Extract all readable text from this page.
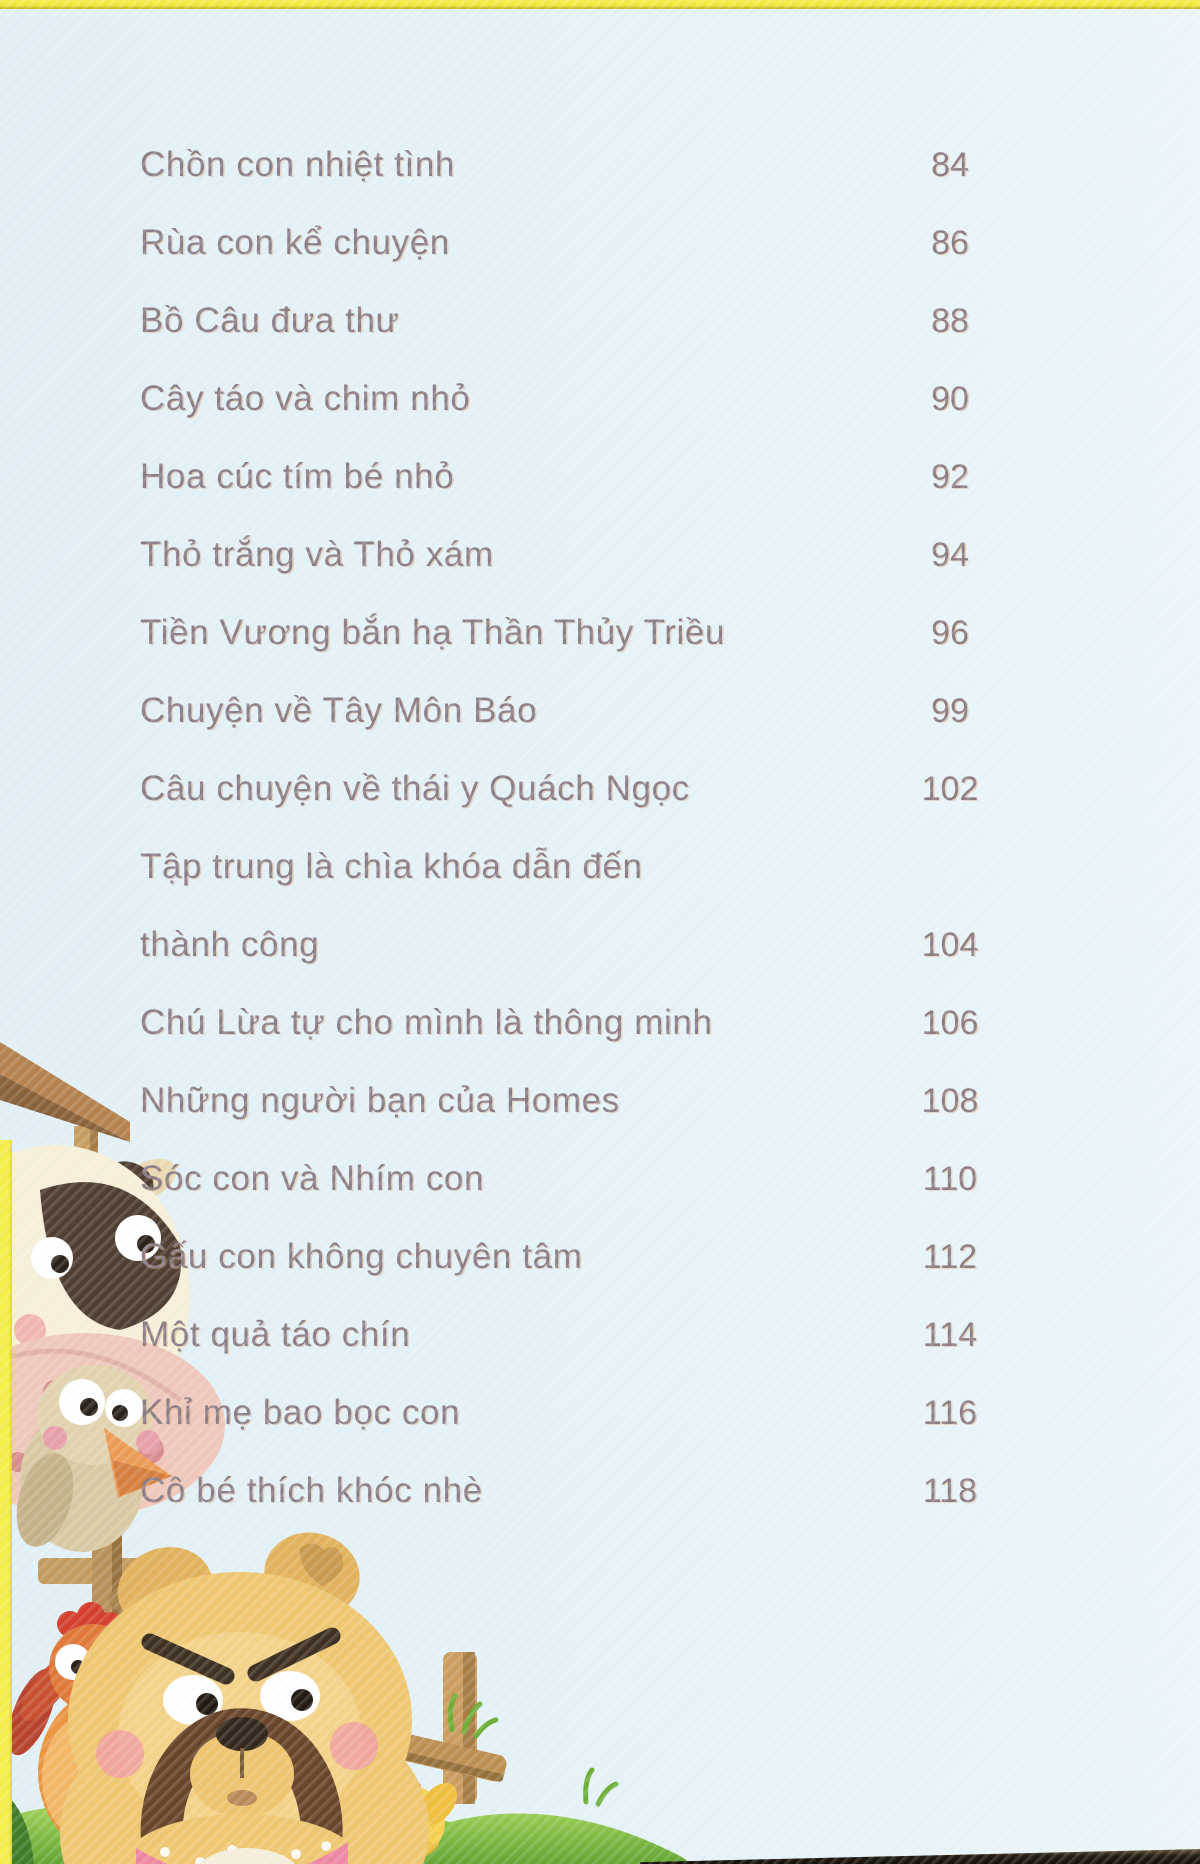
Chồn con nhiệt tình	84
Rùa con kể chuyện	86
Bồ Câu đưa thư	88
Cây táo và chim nhỏ	90
Hoa cúc tím bé nhỏ	92
Thỏ trắng và Thỏ xám	94
Tiền Vương bắn hạ Thần Thủy Triều	96
Chuyện về Tây Môn Báo	99
Câu chuyện về thái y Quách Ngọc	102
Tập trung là chìa khóa dẫn đến
thành công	104
Chú Lừa tự cho mình là thông minh	106
Những người bạn của Homes	108
Sóc con và Nhím con	110
Gấu con không chuyên tâm	112
Một quả táo chín	114
Khỉ mẹ bao bọc con	116
Cô bé thích khóc nhè	118
